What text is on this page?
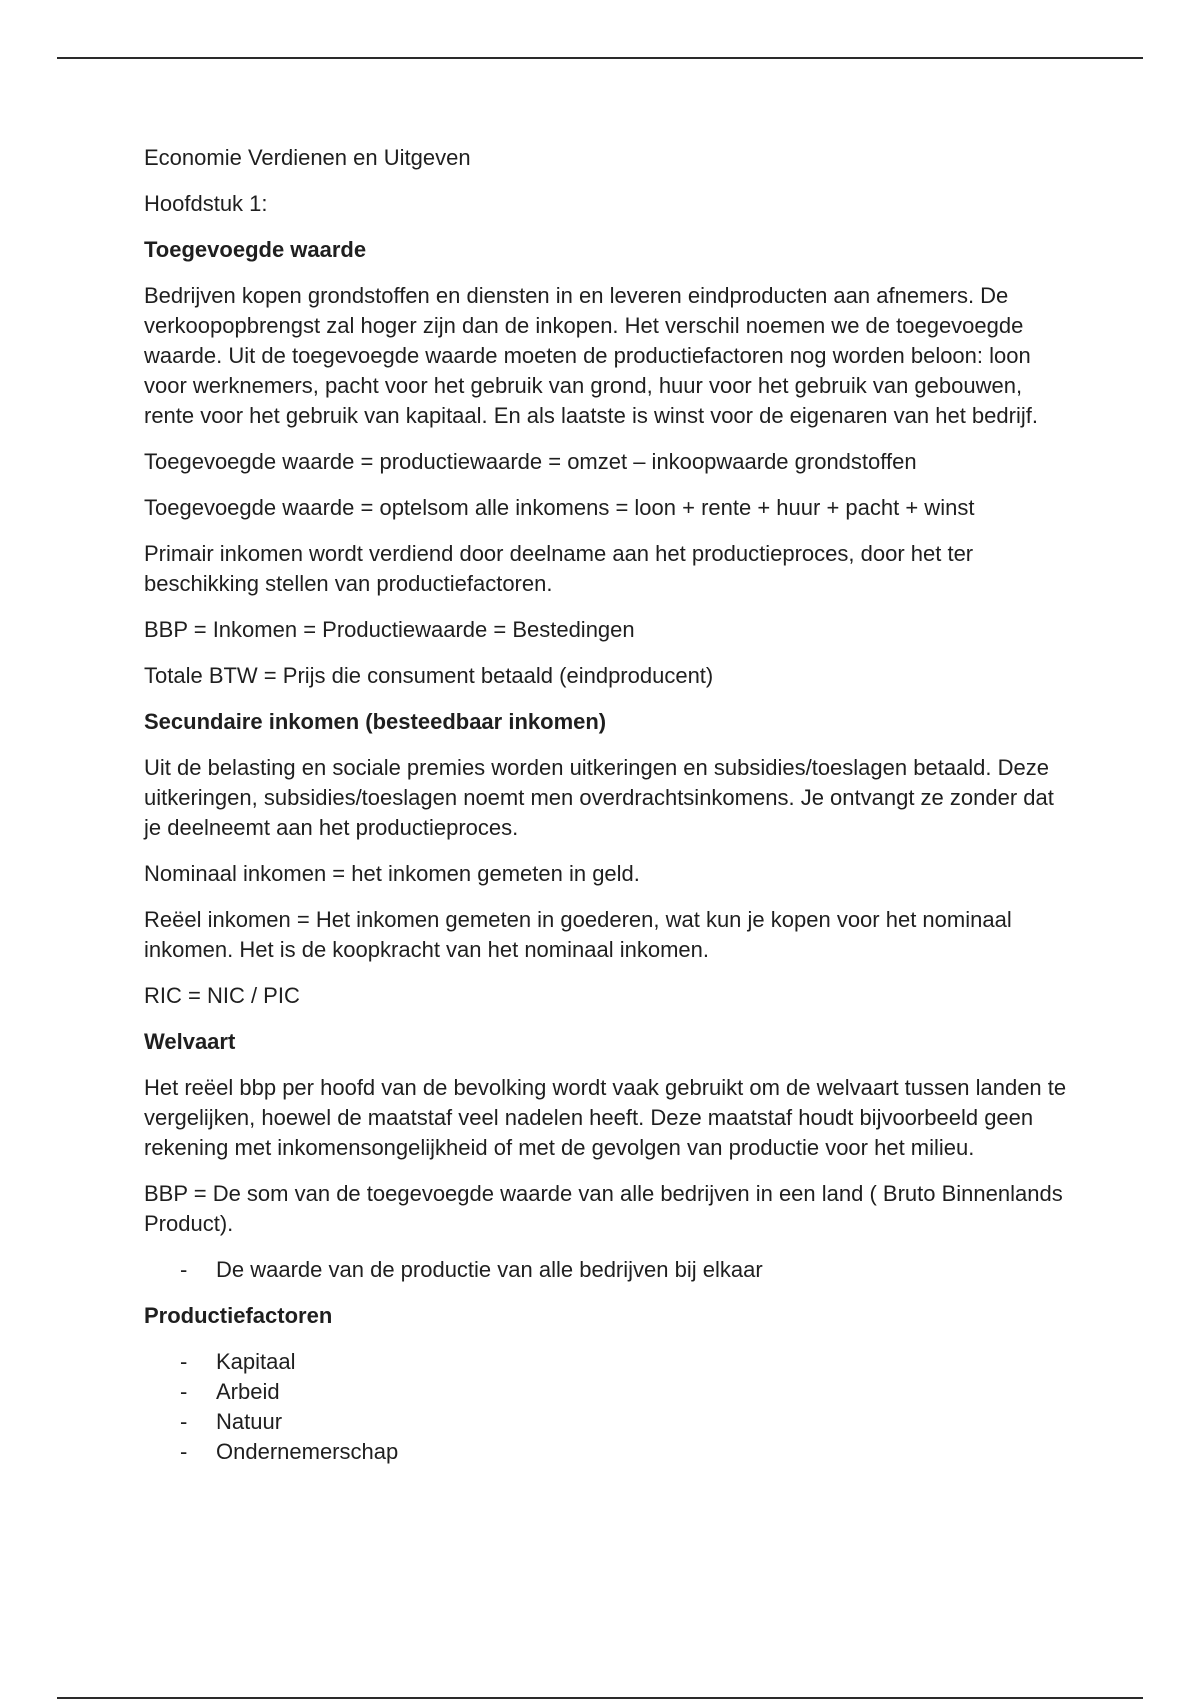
Economie Verdienen en Uitgeven

Hoofdstuk 1:

Toegevoegde waarde

Bedrijven kopen grondstoffen en diensten in en leveren eindproducten aan afnemers. De verkoopopbrengst zal hoger zijn dan de inkopen. Het verschil noemen we de toegevoegde waarde. Uit de toegevoegde waarde moeten de productiefactoren nog worden beloon: loon voor werknemers, pacht voor het gebruik van grond, huur voor het gebruik van gebouwen, rente voor het gebruik van kapitaal. En als laatste is winst voor de eigenaren van het bedrijf.

Toegevoegde waarde = productiewaarde = omzet – inkoopwaarde grondstoffen

Toegevoegde waarde = optelsom alle inkomens = loon + rente + huur + pacht + winst

Primair inkomen wordt verdiend door deelname aan het productieproces, door het ter beschikking stellen van productiefactoren.

BBP = Inkomen = Productiewaarde = Bestedingen

Totale BTW = Prijs die consument betaald (eindproducent)

Secundaire inkomen (besteedbaar inkomen)

Uit de belasting en sociale premies worden uitkeringen en subsidies/toeslagen betaald. Deze uitkeringen, subsidies/toeslagen noemt men overdrachtsinkomens. Je ontvangt ze zonder dat je deelneemt aan het productieproces.

Nominaal inkomen = het inkomen gemeten in geld.

Reëel inkomen = Het inkomen gemeten in goederen, wat kun je kopen voor het nominaal inkomen. Het is de koopkracht van het nominaal inkomen.

RIC = NIC / PIC

Welvaart

Het reëel bbp per hoofd van de bevolking wordt vaak gebruikt om de welvaart tussen landen te vergelijken, hoewel de maatstaf veel nadelen heeft. Deze maatstaf houdt bijvoorbeeld geen rekening met inkomensongelijkheid of met de gevolgen van productie voor het milieu.

BBP = De som van de toegevoegde waarde van alle bedrijven in een land ( Bruto Binnenlands Product).

- De waarde van de productie van alle bedrijven bij elkaar

Productiefactoren

- Kapitaal
- Arbeid
- Natuur
- Ondernemerschap
